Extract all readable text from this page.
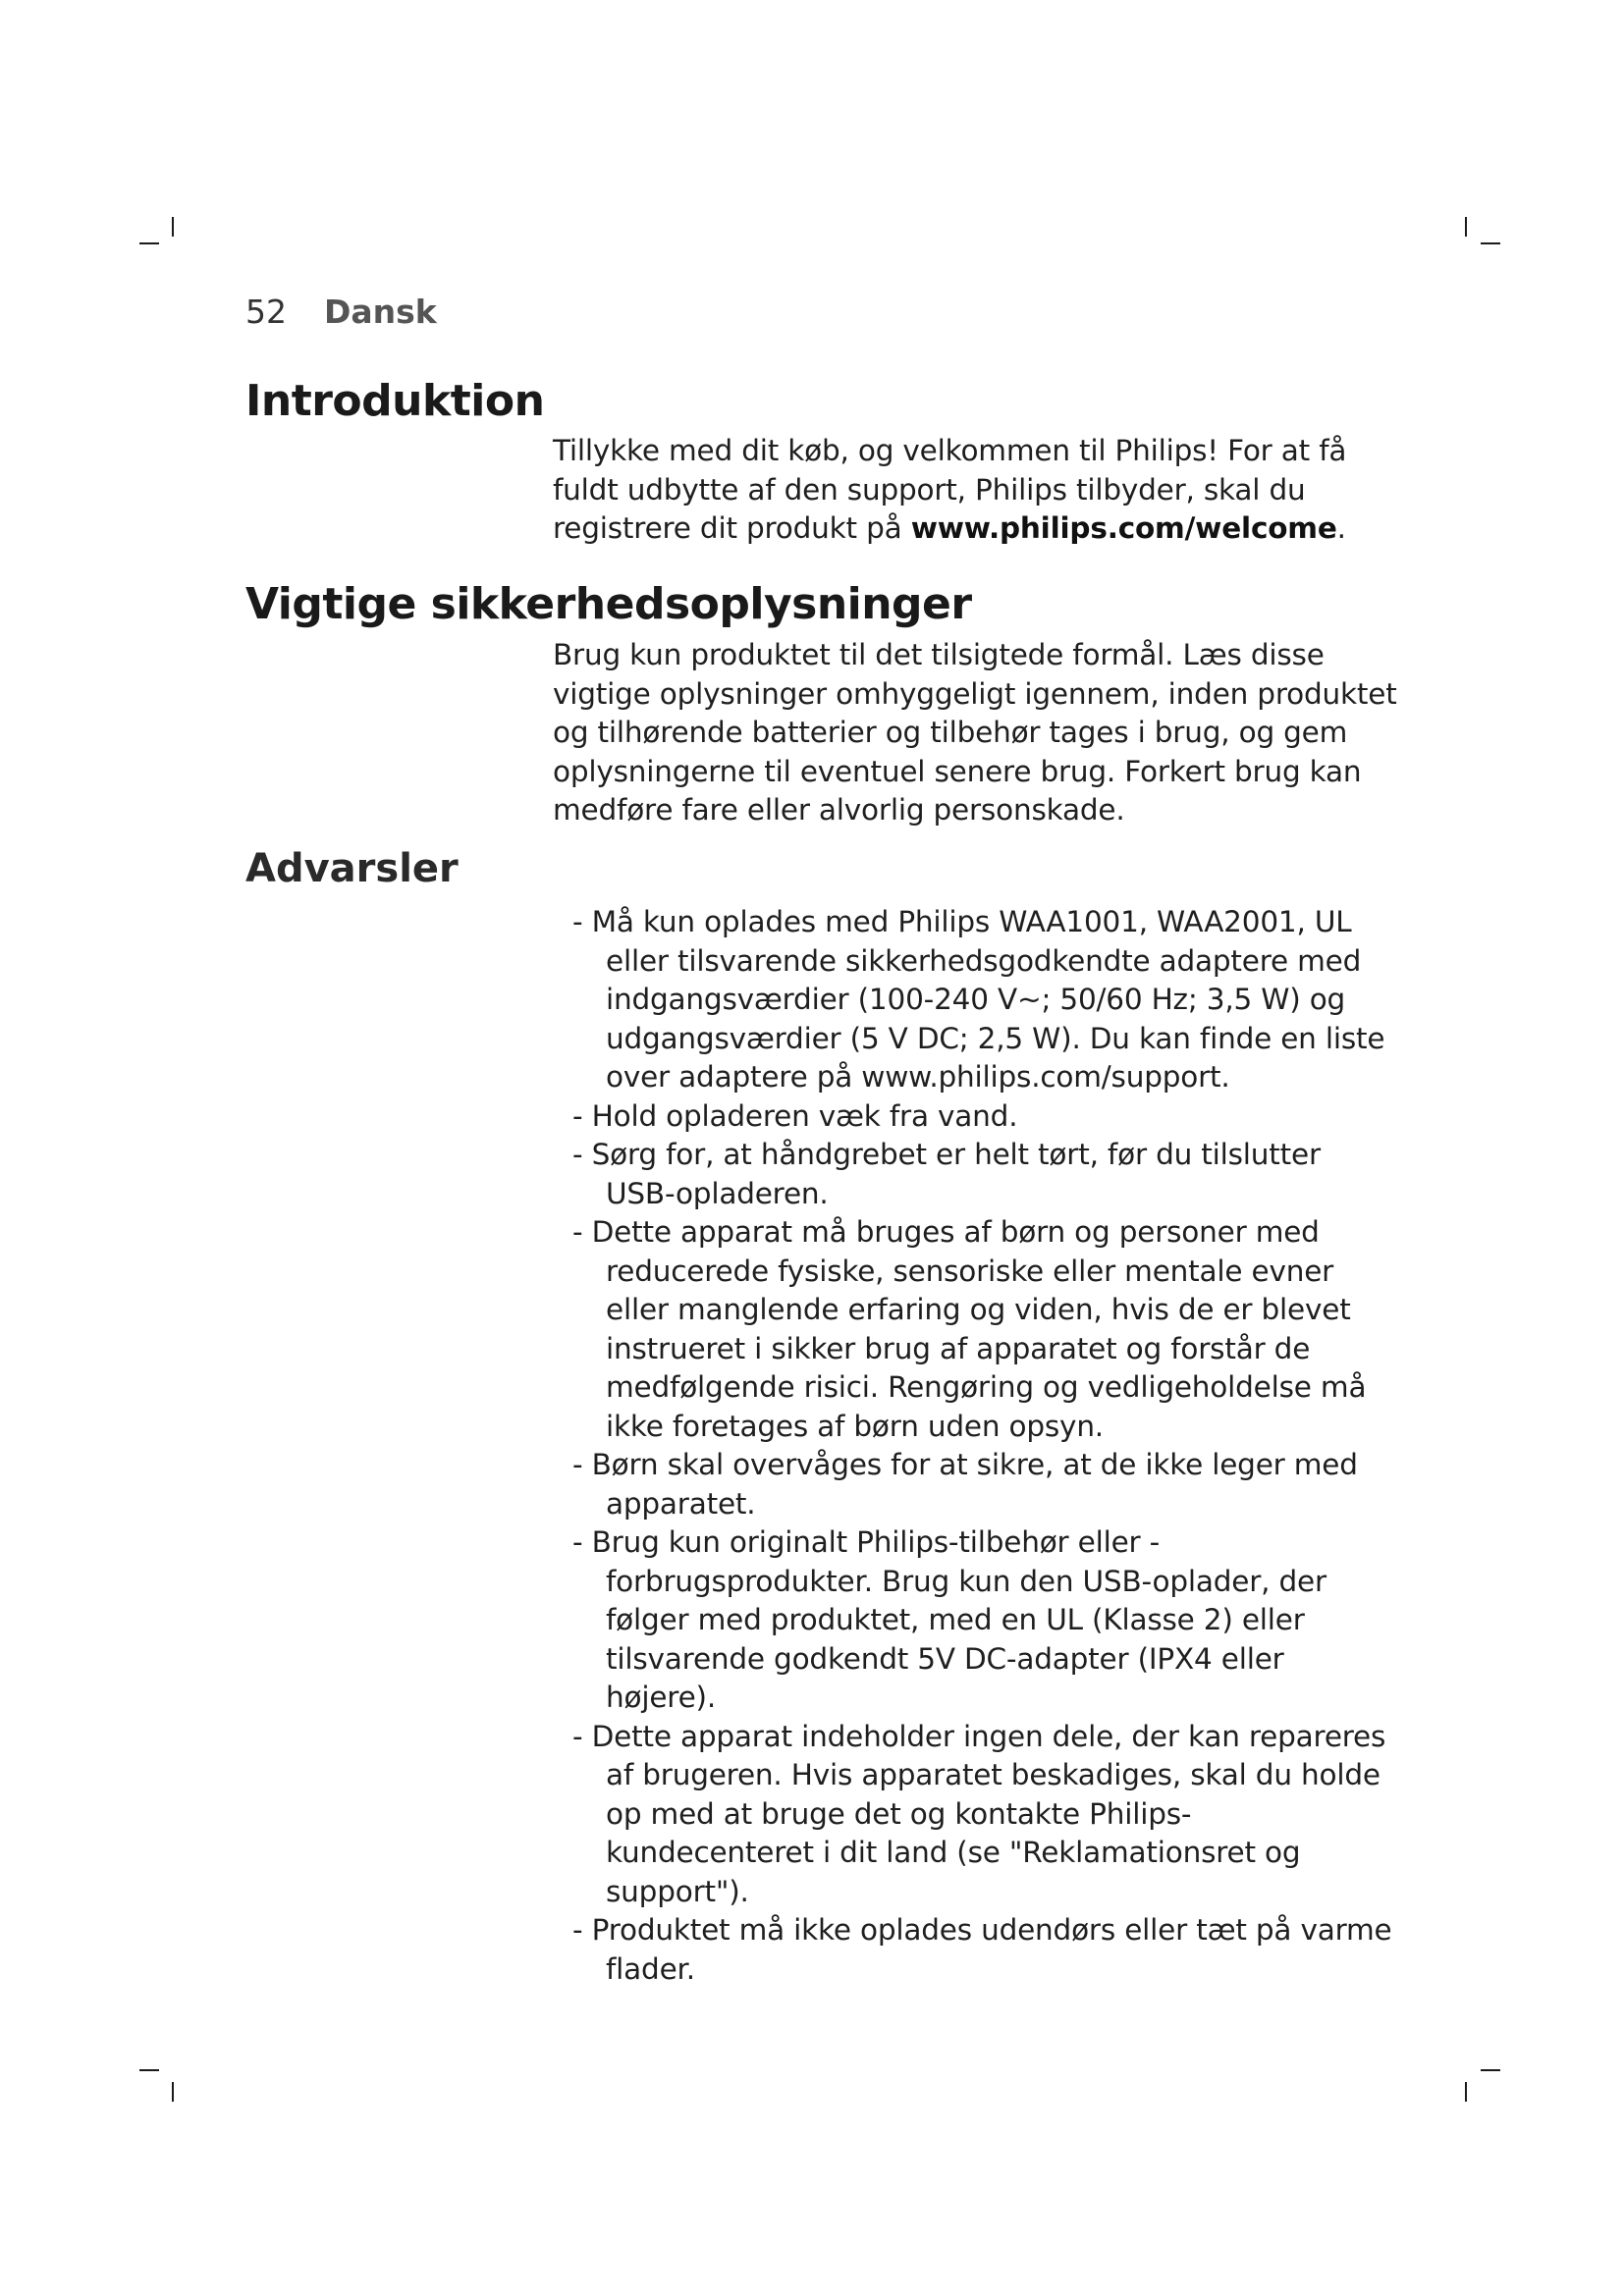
52 Dansk
Introduktion

Tillykke med dit køb, og velkommen til Philips! For at få fuldt udbytte af den support, Philips tilbyder, skal du registrere dit produkt på www.philips.com/welcome.

Vigtige sikkerhedsoplysninger

Brug kun produktet til det tilsigtede formål. Læs disse vigtige oplysninger omhyggeligt igennem, inden produktet og tilhørende batterier og tilbehør tages i brug, og gem oplysningerne til eventuel senere brug. Forkert brug kan medføre fare eller alvorlig personskade.

Advarsler
- Må kun oplades med Philips WAA1001, WAA2001, UL eller tilsvarende sikkerhedsgodkendte adaptere med indgangsværdier (100-240 V~; 50/60 Hz; 3,5 W) og udgangsværdier (5 V DC; 2,5 W). Du kan finde en liste over adaptere på www.philips.com/support.
- Hold opladeren væk fra vand.
- Sørg for, at håndgrebet er helt tørt, før du tilslutter USB-opladeren.
- Dette apparat må bruges af børn og personer med reducerede fysiske, sensoriske eller mentale evner eller manglende erfaring og viden, hvis de er blevet instrueret i sikker brug af apparatet og forstår de medfølgende risici. Rengøring og vedligeholdelse må ikke foretages af børn uden opsyn.
- Børn skal overvåges for at sikre, at de ikke leger med apparatet.
- Brug kun originalt Philips-tilbehør eller -forbrugsprodukter. Brug kun den USB-oplader, der følger med produktet, med en UL (Klasse 2) eller tilsvarende godkendt 5V DC-adapter (IPX4 eller højere).
- Dette apparat indeholder ingen dele, der kan repareres af brugeren. Hvis apparatet beskadiges, skal du holde op med at bruge det og kontakte Philips-kundecenteret i dit land (se "Reklamationsret og support").
- Produktet må ikke oplades udendørs eller tæt på varme flader.
